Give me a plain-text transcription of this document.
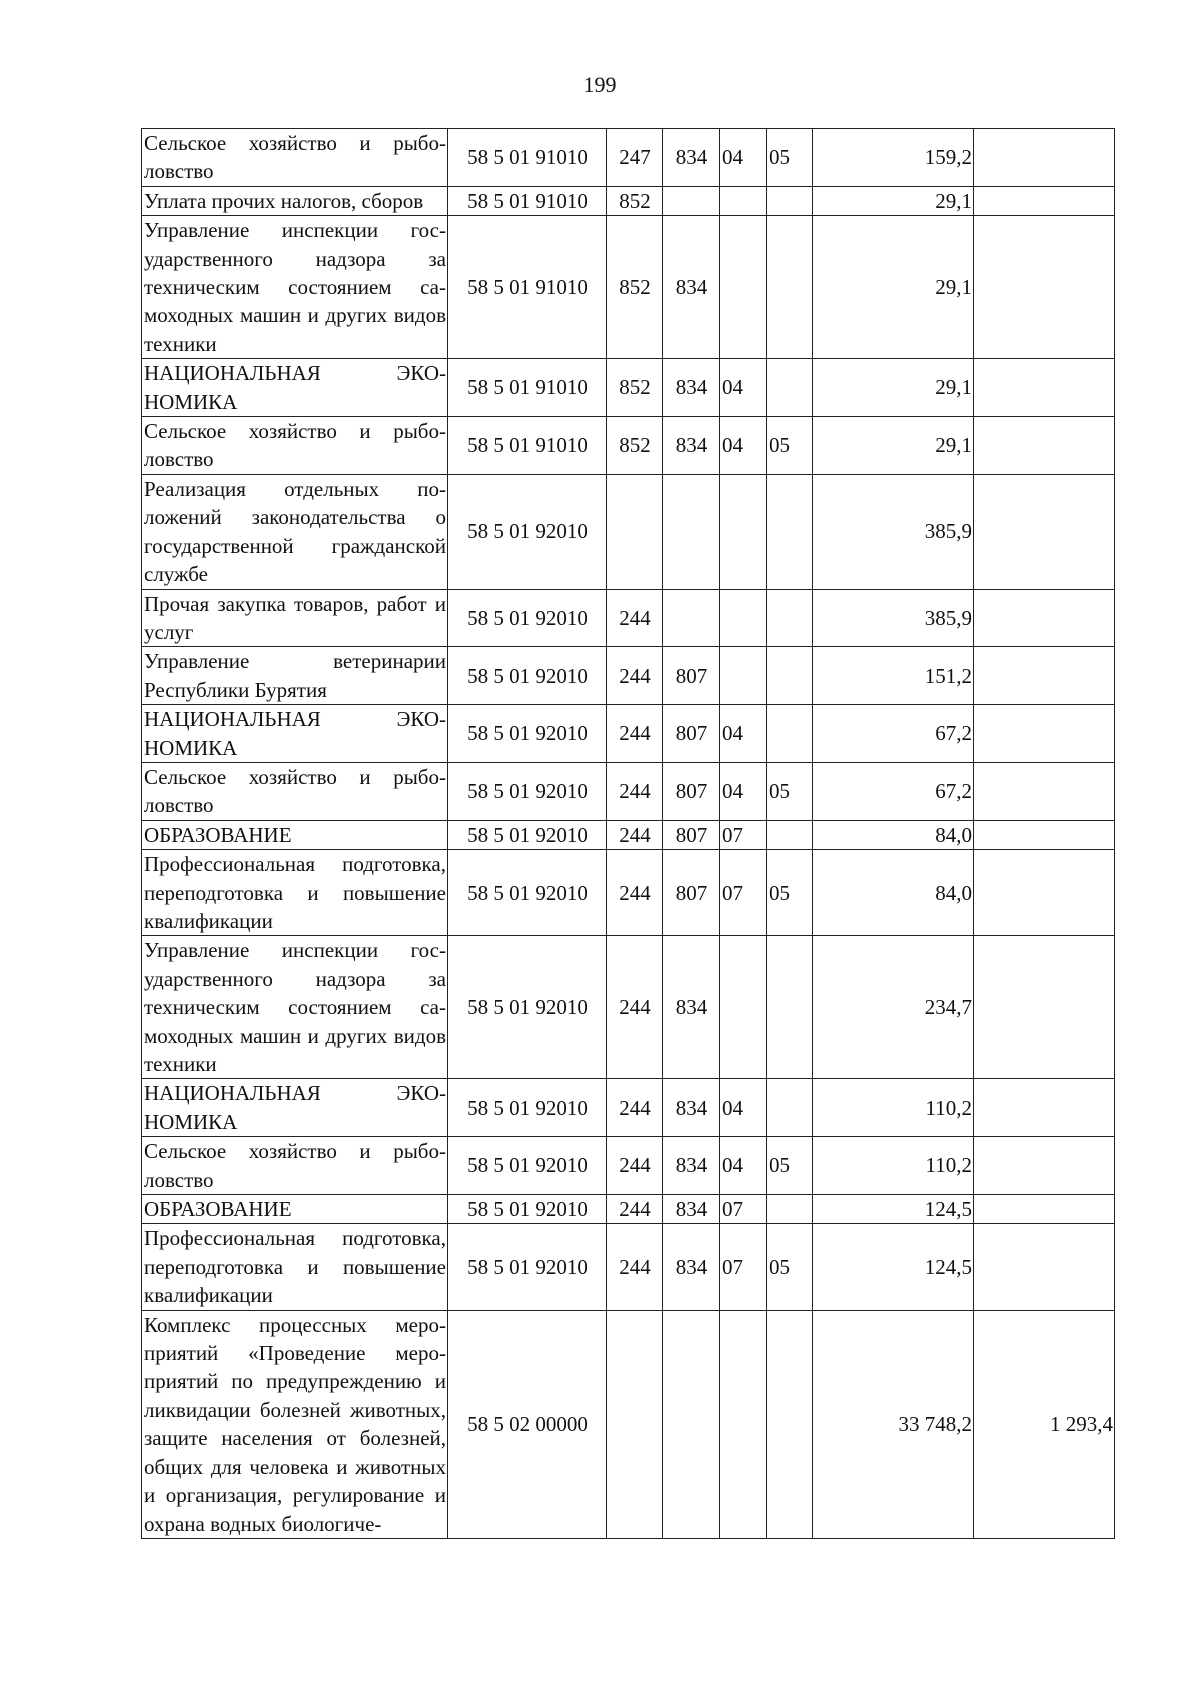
199
Сельское хозяйство и рыболовство	58 5 01 91010	247	834	04	05	159,2	
Уплата прочих налогов, сборов	58 5 01 91010	852				29,1	
Управление инспекции государственного надзора за техническим состоянием самоходных машин и других видов техники	58 5 01 91010	852	834			29,1	
НАЦИОНАЛЬНАЯ ЭКОНОМИКА	58 5 01 91010	852	834	04		29,1	
Сельское хозяйство и рыболовство	58 5 01 91010	852	834	04	05	29,1	
Реализация отдельных положений законодательства о государственной гражданской службе	58 5 01 92010					385,9	
Прочая закупка товаров, работ и услуг	58 5 01 92010	244				385,9	
Управление ветеринарии Республики Бурятия	58 5 01 92010	244	807			151,2	
НАЦИОНАЛЬНАЯ ЭКОНОМИКА	58 5 01 92010	244	807	04		67,2	
Сельское хозяйство и рыболовство	58 5 01 92010	244	807	04	05	67,2	
ОБРАЗОВАНИЕ	58 5 01 92010	244	807	07		84,0	
Профессиональная подготовка, переподготовка и повышение квалификации	58 5 01 92010	244	807	07	05	84,0	
Управление инспекции государственного надзора за техническим состоянием самоходных машин и других видов техники	58 5 01 92010	244	834			234,7	
НАЦИОНАЛЬНАЯ ЭКОНОМИКА	58 5 01 92010	244	834	04		110,2	
Сельское хозяйство и рыболовство	58 5 01 92010	244	834	04	05	110,2	
ОБРАЗОВАНИЕ	58 5 01 92010	244	834	07		124,5	
Профессиональная подготовка, переподготовка и повышение квалификации	58 5 01 92010	244	834	07	05	124,5	
Комплекс процессных мероприятий «Проведение мероприятий по предупреждению и ликвидации болезней животных, защите населения от болезней, общих для человека и животных и организация, регулирование и охрана водных биологиче-	58 5 02 00000					33 748,2	1 293,4
